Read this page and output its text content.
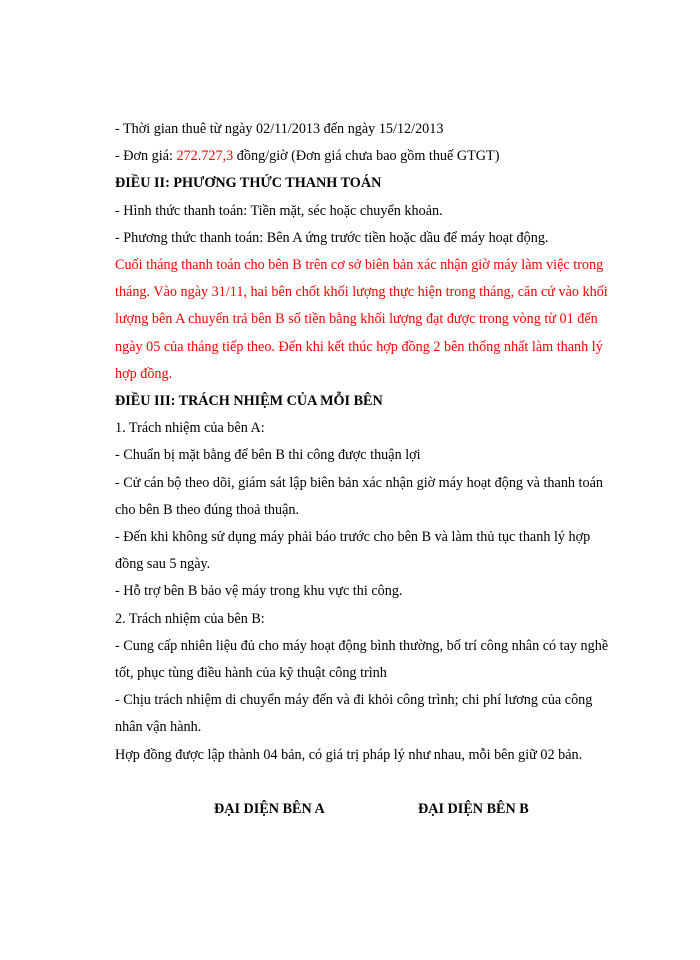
- Thời gian thuê từ ngày 02/11/2013 đến ngày 15/12/2013
- Đơn giá: 272.727,3 đồng/giờ (Đơn giá chưa bao gồm thuế GTGT)
ĐIỀU II: PHƯƠNG THỨC THANH TOÁN
- Hình thức thanh toán: Tiền mặt, séc hoặc chuyển khoản.
- Phương thức thanh toán: Bên A ứng trước tiền hoặc dầu để máy hoạt động.
Cuối tháng thanh toán cho bên B trên cơ sở biên bản xác nhận giờ máy làm việc trong
tháng. Vào ngày 31/11, hai bên chốt khối lượng thực hiện trong tháng, căn cứ vào khối
lượng bên A chuyển trả bên B số tiền bằng khối lượng đạt được trong vòng từ 01 đến
ngày 05 của tháng tiếp theo. Đến khi kết thúc hợp đồng 2 bên thống nhất làm thanh lý
hợp đồng.
ĐIỀU III: TRÁCH NHIỆM CỦA MỖI BÊN
1. Trách nhiệm của bên A:
- Chuẩn bị mặt bằng để bên B thi công được thuận lợi
- Cử cán bộ theo dõi, giám sát lập biên bản xác nhận giờ máy hoạt động và thanh toán
cho bên B theo đúng thoả thuận.
- Đến khi không sử dụng máy phải báo trước cho bên B và làm thủ tục thanh lý hợp
đồng sau 5 ngày.
- Hỗ trợ bên B bảo vệ máy trong khu vực thi công.
2. Trách nhiệm của bên B:
- Cung cấp nhiên liệu đủ cho máy hoạt động bình thường, bố trí công nhân có tay nghề
tốt, phục tùng điều hành của kỹ thuật công trình
- Chịu trách nhiệm di chuyển máy đến và đi khỏi công trình; chi phí lương của công
nhân vận hành.
Hợp đồng được lập thành 04 bản, có giá trị pháp lý như nhau, mỗi bên giữ 02 bản.
ĐẠI DIỆN BÊN A	ĐẠI DIỆN BÊN B
